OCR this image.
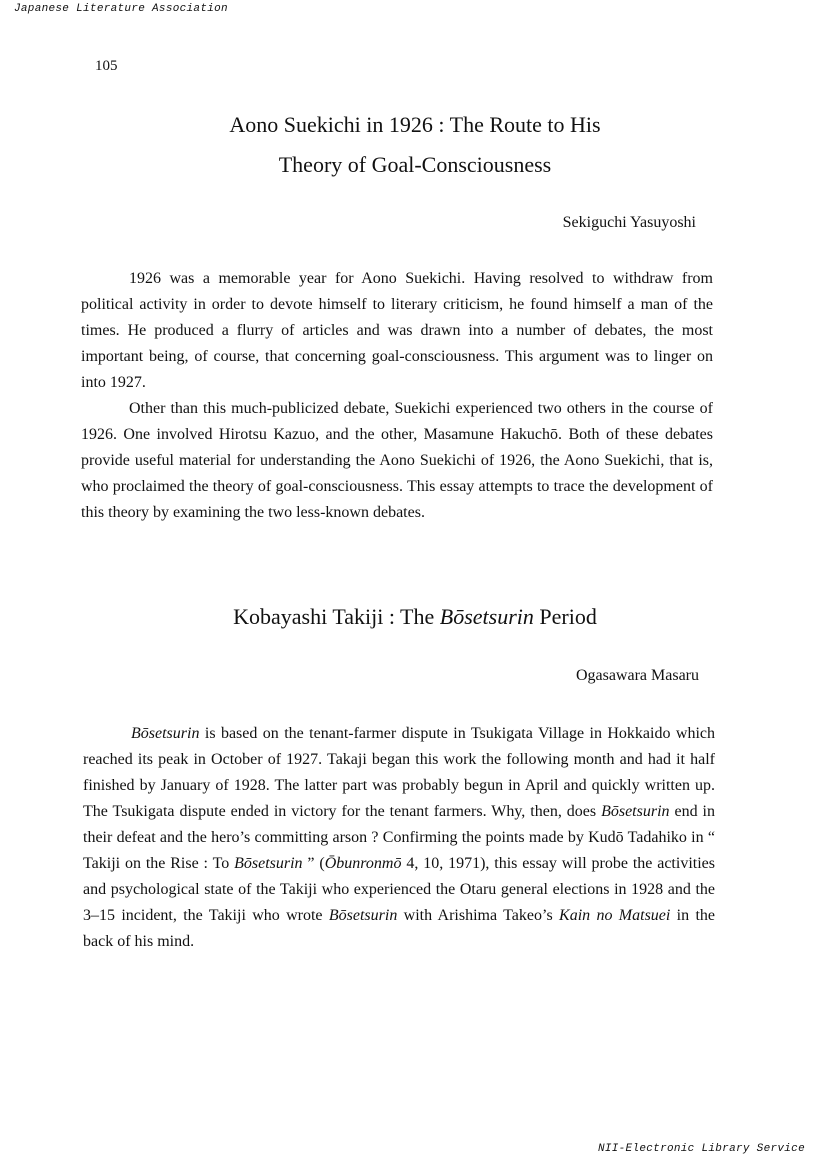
Japanese Literature Association
105
Aono Suekichi in 1926 : The Route to His
Theory of Goal-Consciousness
Sekiguchi Yasuyoshi

1926 was a memorable year for Aono Suekichi. Having resolved to withdraw from political activity in order to devote himself to literary criticism, he found himself a man of the times. He produced a flurry of articles and was drawn into a number of debates, the most important being, of course, that concerning goal-consciousness. This argument was to linger on into 1927.

Other than this much-publicized debate, Suekichi experienced two others in the course of 1926. One involved Hirotsu Kazuo, and the other, Masamune Hakuchō. Both of these debates provide useful material for understanding the Aono Suekichi of 1926, the Aono Suekichi, that is, who proclaimed the theory of goal-consciousness. This essay attempts to trace the development of this theory by examining the two less-known debates.

Kobayashi Takiji : The Bōsetsurin Period
Ogasawara Masaru

Bōsetsurin is based on the tenant-farmer dispute in Tsukigata Village in Hokkaido which reached its peak in October of 1927. Takaji began this work the following month and had it half finished by January of 1928. The latter part was probably begun in April and quickly written up. The Tsukigata dispute ended in victory for the tenant farmers. Why, then, does Bōsetsurin end in their defeat and the hero’s committing arson ? Confirming the points made by Kudō Tadahiko in “ Takiji on the Rise : To Bōsetsurin ” (Ōbunronmō 4, 10, 1971), this essay will probe the activities and psychological state of the Takiji who experienced the Otaru general elections in 1928 and the 3–15 incident, the Takiji who wrote Bōsetsurin with Arishima Takeo’s Kain no Matsuei in the back of his mind.

NII-Electronic Library Service
